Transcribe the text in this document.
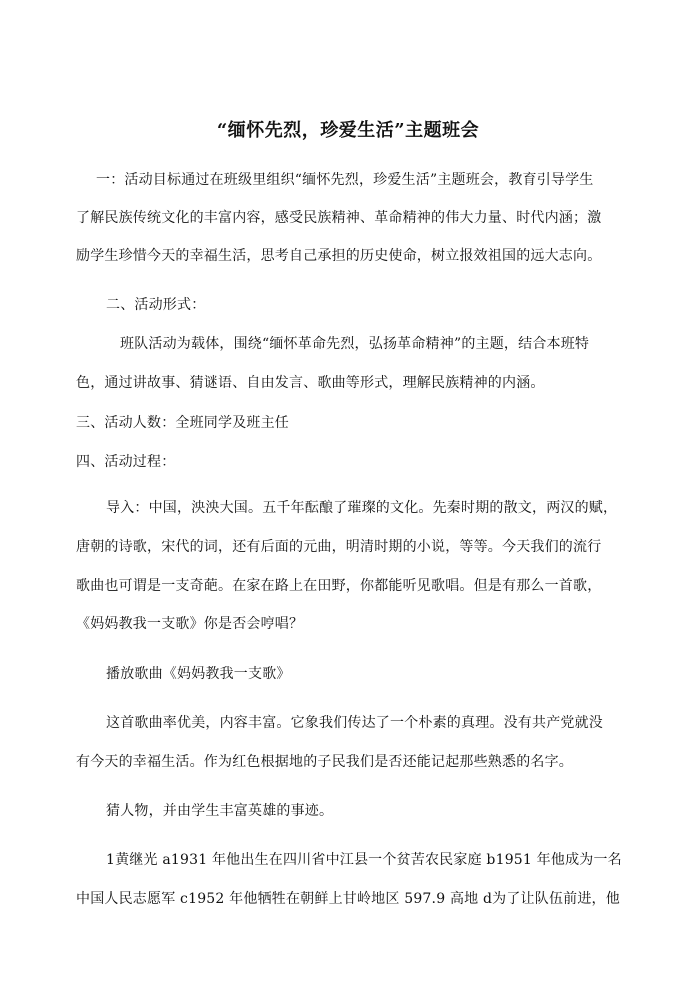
“缅怀先烈，珍爱生活”主题班会
一：活动目标通过在班级里组织“缅怀先烈，珍爱生活”主题班会，教育引导学生
了解民族传统文化的丰富内容，感受民族精神、革命精神的伟大力量、时代内涵；激
励学生珍惜今天的幸福生活，思考自己承担的历史使命，树立报效祖国的远大志向。
二、活动形式：
班队活动为载体，围绕“缅怀革命先烈，弘扬革命精神”的主题，结合本班特
色，通过讲故事、猜谜语、自由发言、歌曲等形式，理解民族精神的内涵。
三、活动人数：全班同学及班主任
四、活动过程：
导入：中国，泱泱大国。五千年酝酿了璀璨的文化。先秦时期的散文，两汉的赋，
唐朝的诗歌，宋代的词，还有后面的元曲，明清时期的小说，等等。今天我们的流行
歌曲也可谓是一支奇葩。在家在路上在田野，你都能听见歌唱。但是有那么一首歌，
《妈妈教我一支歌》你是否会哼唱？
播放歌曲《妈妈教我一支歌》
这首歌曲率优美，内容丰富。它象我们传达了一个朴素的真理。没有共产党就没
有今天的幸福生活。作为红色根据地的子民我们是否还能记起那些熟悉的名字。
猜人物，并由学生丰富英雄的事迹。
1黄继光 a1931 年他出生在四川省中江县一个贫苦农民家庭 b1951 年他成为一名
中国人民志愿军 c1952 年他牺牲在朝鲜上甘岭地区 597.9 高地 d为了让队伍前进，他
